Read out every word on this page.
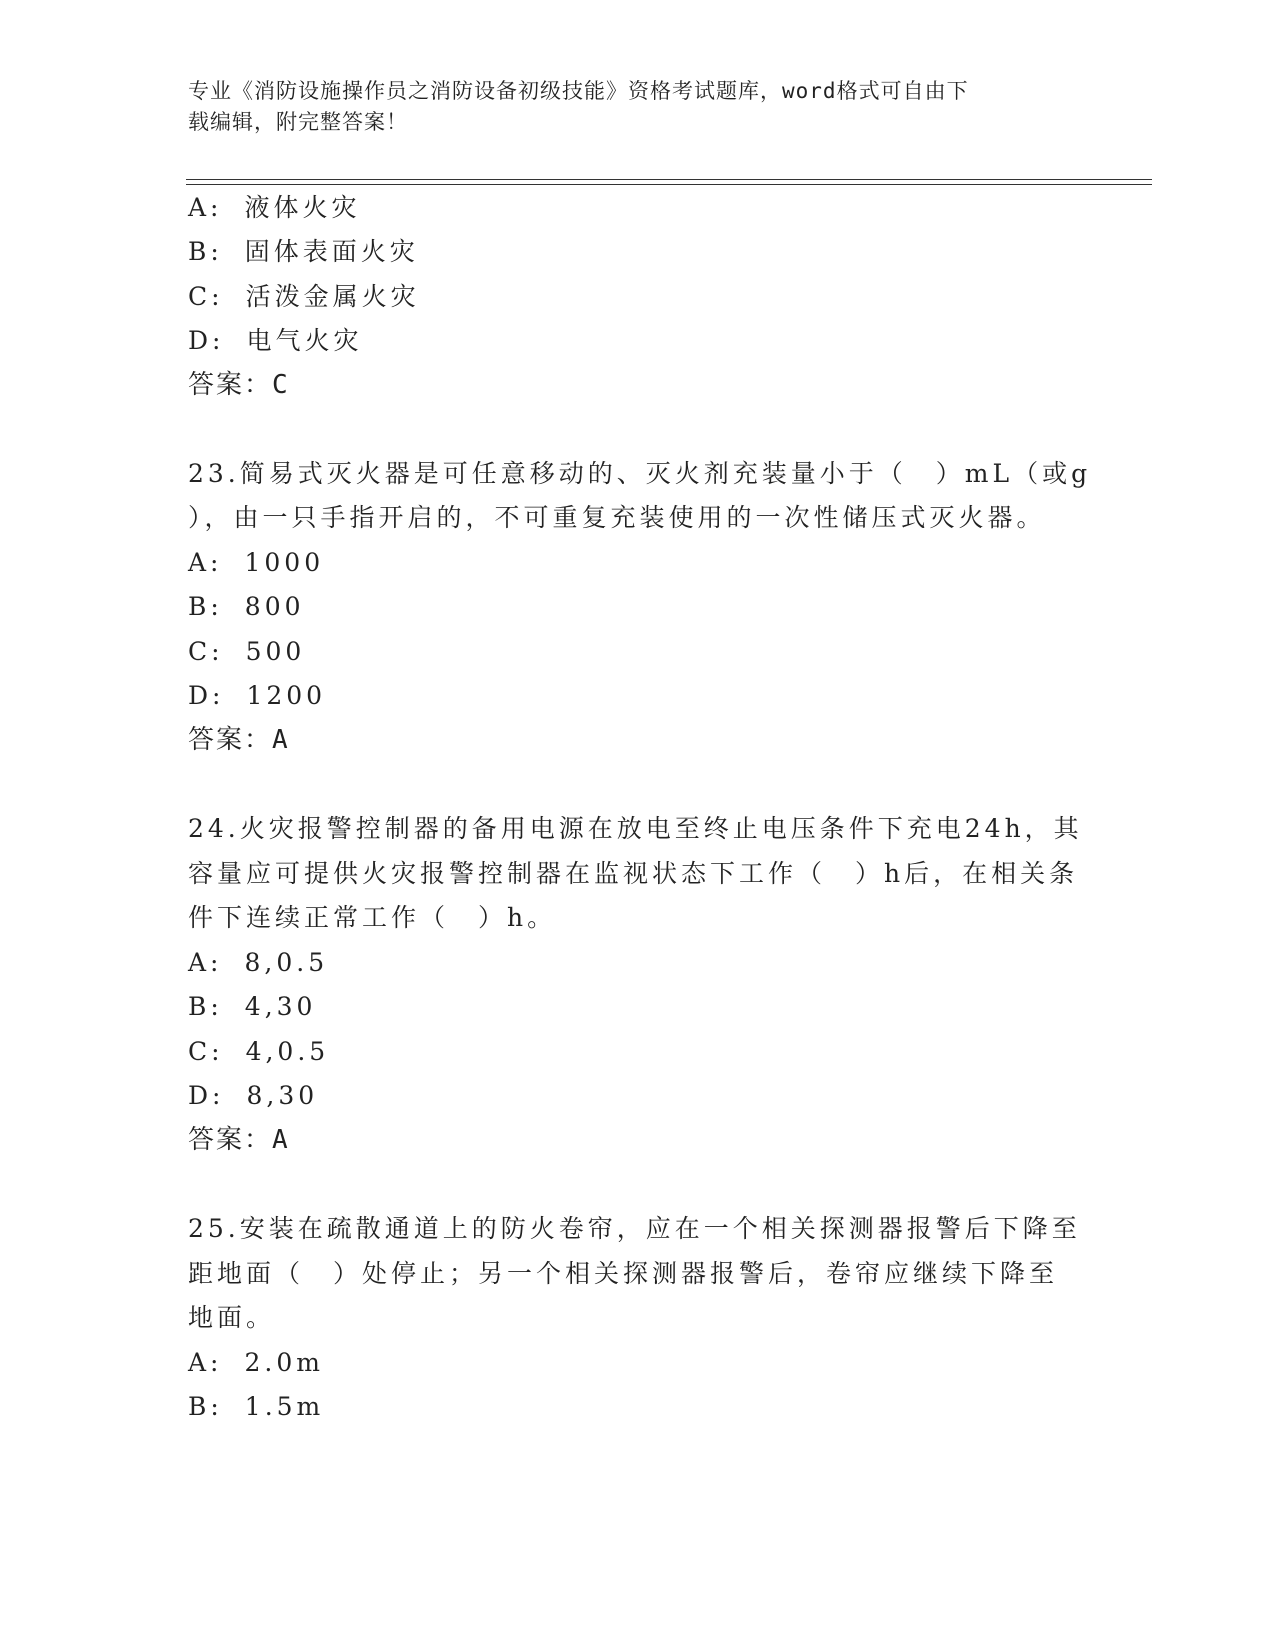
专业《消防设施操作员之消防设备初级技能》资格考试题库，word格式可自由下
载编辑，附完整答案！
A: 液体火灾
B: 固体表面火灾
C: 活泼金属火灾
D: 电气火灾
答案：C
23.简易式灭火器是可任意移动的、灭火剂充装量小于（　）mL（或g
），由一只手指开启的，不可重复充装使用的一次性储压式灭火器。
A: 1000
B: 800
C: 500
D: 1200
答案：A
24.火灾报警控制器的备用电源在放电至终止电压条件下充电24h，其
容量应可提供火灾报警控制器在监视状态下工作（　）h后，在相关条
件下连续正常工作（　）h。
A: 8,0.5
B: 4,30
C: 4,0.5
D: 8,30
答案：A
25.安装在疏散通道上的防火卷帘，应在一个相关探测器报警后下降至
距地面（　）处停止；另一个相关探测器报警后，卷帘应继续下降至
地面。
A: 2.0m
B: 1.5m
